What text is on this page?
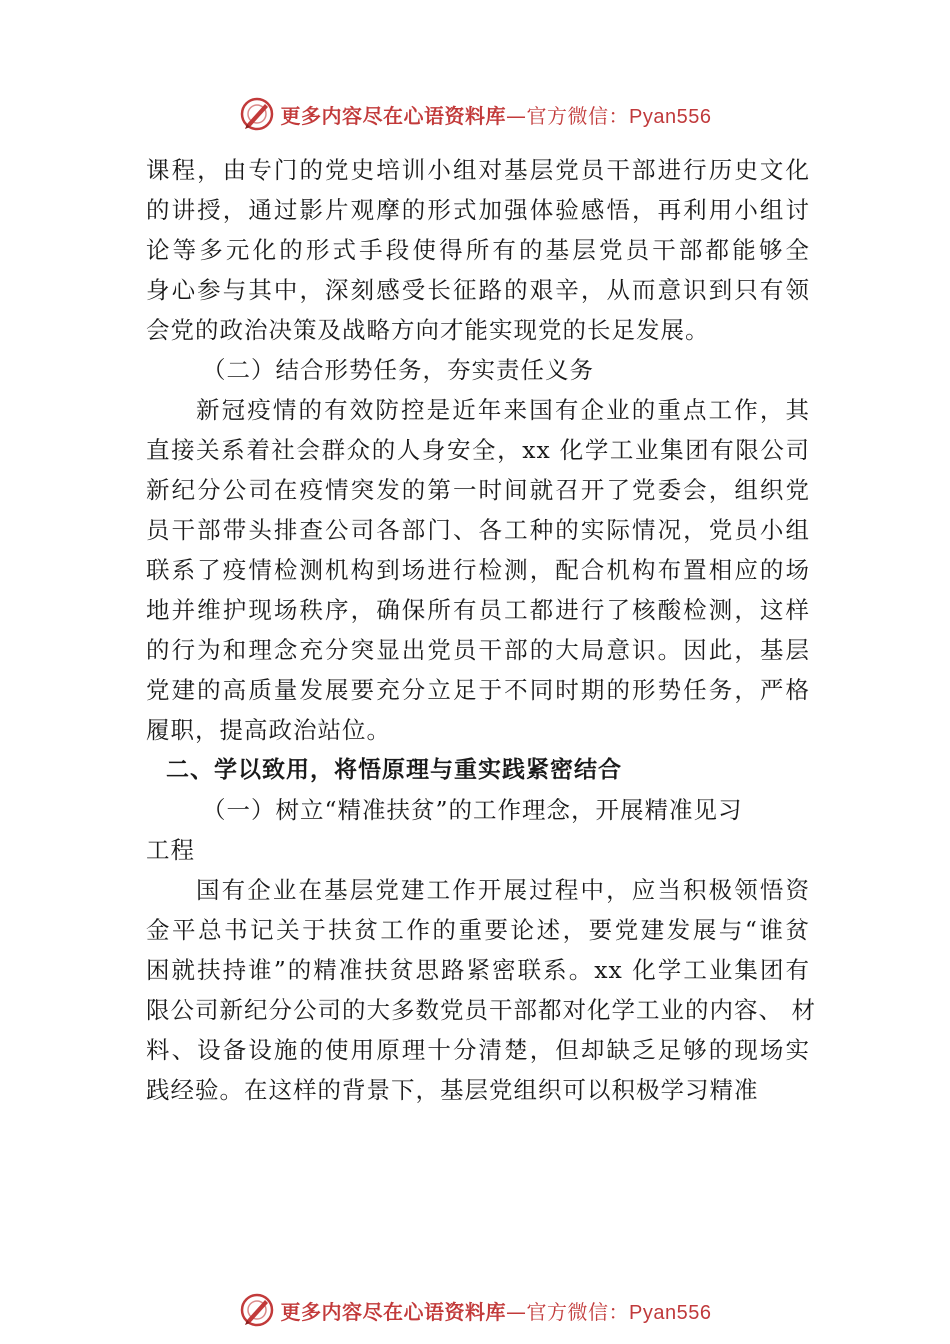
更多内容尽在心语资料库—官方微信：Pyan556
课程，由专门的党史培训小组对基层党员干部进行历史文化
的讲授，通过影片观摩的形式加强体验感悟，再利用小组讨
论等多元化的形式手段使得所有的基层党员干部都能够全
身心参与其中，深刻感受长征路的艰辛，从而意识到只有领
会党的政治决策及战略方向才能实现党的长足发展。
（二）结合形势任务，夯实责任义务
新冠疫情的有效防控是近年来国有企业的重点工作，其
直接关系着社会群众的人身安全，xx 化学工业集团有限公司
新纪分公司在疫情突发的第一时间就召开了党委会，组织党
员干部带头排查公司各部门、各工种的实际情况，党员小组
联系了疫情检测机构到场进行检测，配合机构布置相应的场
地并维护现场秩序，确保所有员工都进行了核酸检测，这样
的行为和理念充分突显出党员干部的大局意识。因此，基层
党建的高质量发展要充分立足于不同时期的形势任务，严格
履职，提高政治站位。
二、学以致用，将悟原理与重实践紧密结合
（一）树立“精准扶贫”的工作理念，开展精准见习
工程
国有企业在基层党建工作开展过程中，应当积极领悟资
金平总书记关于扶贫工作的重要论述，要党建发展与“谁贫
困就扶持谁”的精准扶贫思路紧密联系。xx 化学工业集团有
限公司新纪分公司的大多数党员干部都对化学工业的内容、 材
料、设备设施的使用原理十分清楚，但却缺乏足够的现场实
践经验。在这样的背景下，基层党组织可以积极学习精准
更多内容尽在心语资料库—官方微信：Pyan556
